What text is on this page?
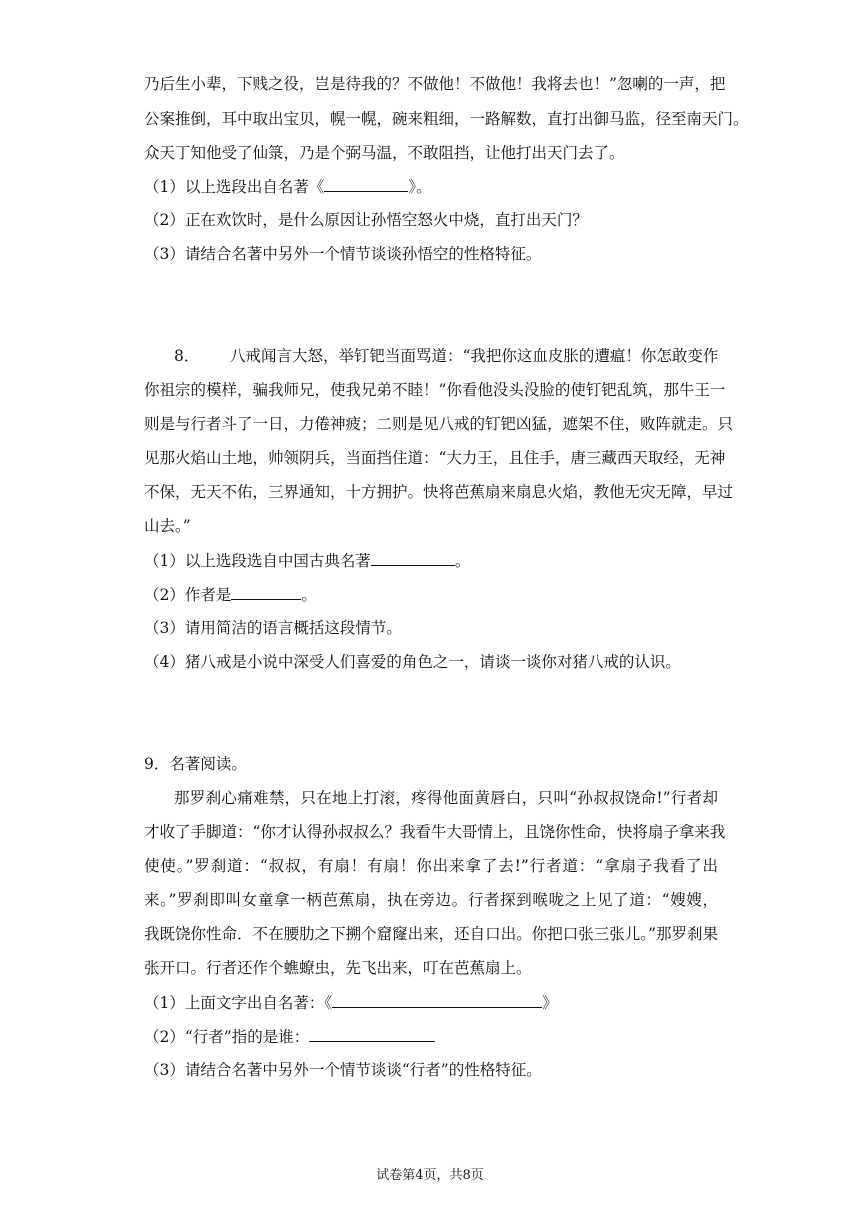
乃后生小辈，下贱之役，岂是待我的？不做他！不做他！我将去也！”忽喇的一声，把
公案推倒，耳中取出宝贝，幌一幌，碗来粗细，一路解数，直打出御马监，径至南天门。
众天丁知他受了仙箓，乃是个弼马温，不敢阻挡，让他打出天门去了。
（1）以上选段出自名著《	》。
（2）正在欢饮时，是什么原因让孙悟空怒火中烧，直打出天门？
（3）请结合名著中另外一个情节谈谈孙悟空的性格特征。
8． 八戒闻言大怒，举钉钯当面骂道：“我把你这血皮胀的遭瘟！你怎敢变作
你祖宗的模样，骗我师兄，使我兄弟不睦！”你看他没头没脸的使钉钯乱筑，那牛王一
则是与行者斗了一日，力倦神疲；二则是见八戒的钉钯凶猛，遮架不住，败阵就走。只
见那火焰山土地，帅领阴兵，当面挡住道：“大力王，且住手，唐三藏西天取经，无神
不保，无天不佑，三界通知，十方拥护。快将芭蕉扇来扇息火焰，教他无灾无障，早过
山去。”
（1）以上选段选自中国古典名著	。
（2）作者是	。
（3）请用简洁的语言概括这段情节。
（4）猪八戒是小说中深受人们喜爱的角色之一，请谈一谈你对猪八戒的认识。
9．名著阅读。
那罗刹心痛难禁，只在地上打滚，疼得他面黄唇白，只叫“孙叔叔饶命!”行者却
才收了手脚道：“你才认得孙叔叔么？我看牛大哥情上，且饶你性命，快将扇子拿来我
使使。”罗刹道：“叔叔，有扇！有扇！你出来拿了去!”行者道：“拿扇子我看了出
来。”罗刹即叫女童拿一柄芭蕉扇，执在旁边。行者探到喉咙之上见了道：“嫂嫂，
我既饶你性命．不在腰肋之下搠个窟窿出来，还自口出。你把口张三张儿。”那罗刹果
张开口。行者还作个蟭蟟虫，先飞出来，叮在芭蕉扇上。
（1）上面文字出自名著：《	》
（2）“行者”指的是谁：
（3）请结合名著中另外一个情节谈谈“行者”的性格特征。
试卷第4页，共8页
